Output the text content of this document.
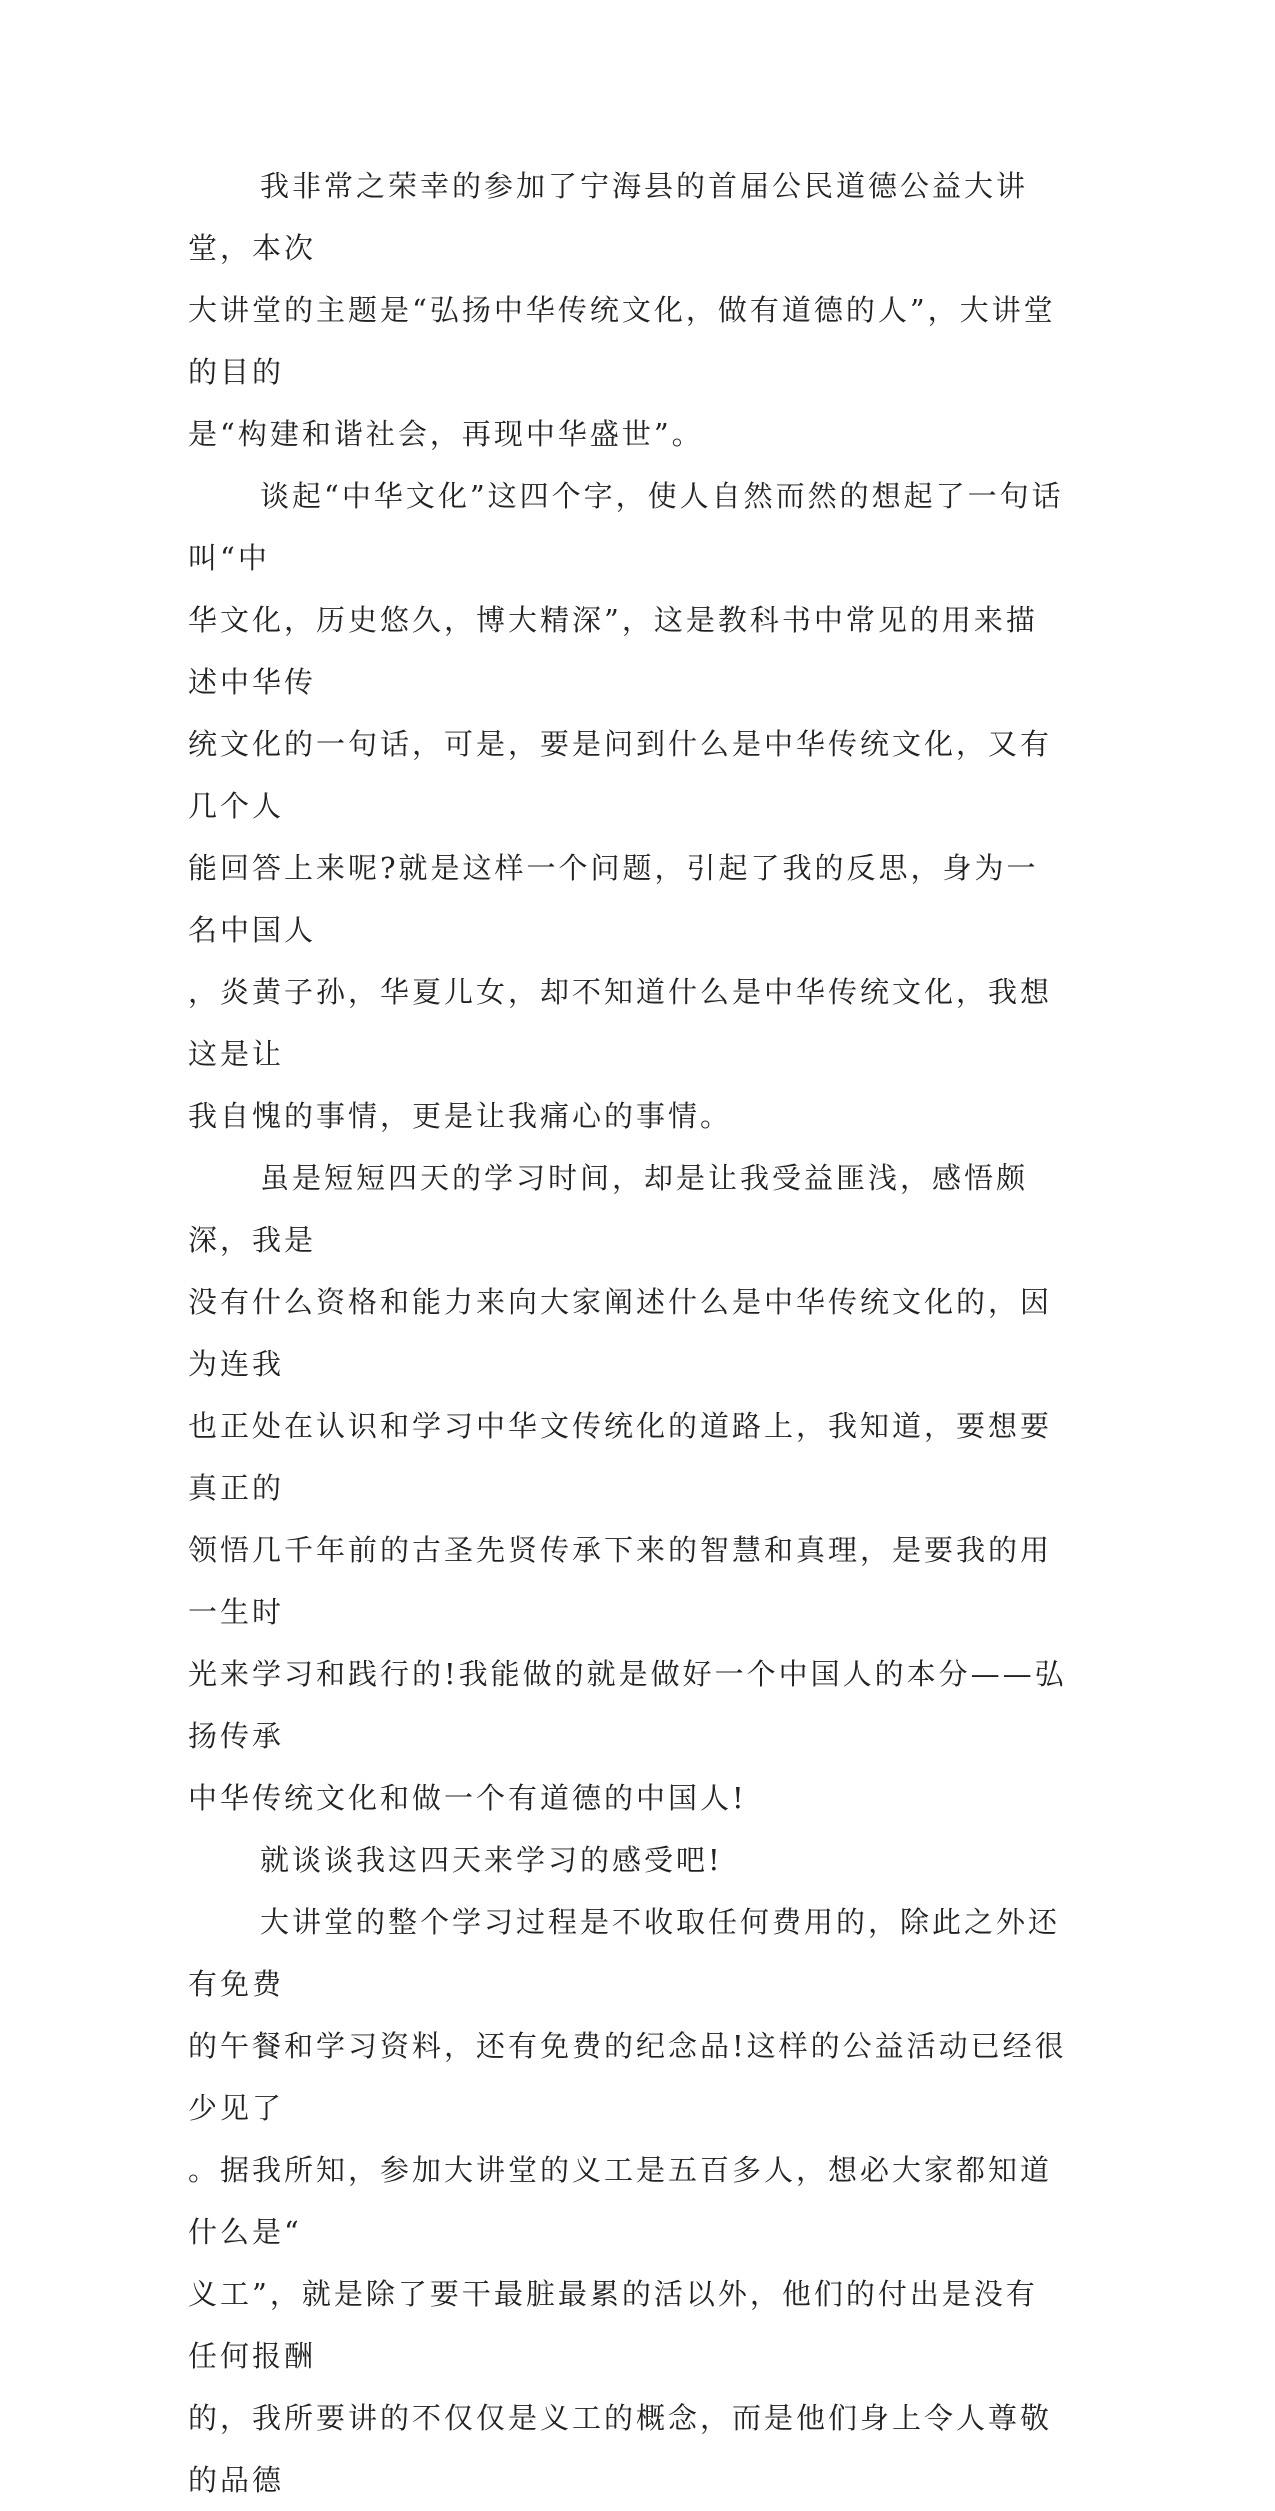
我非常之荣幸的参加了宁海县的首届公民道德公益大讲堂，本次
大讲堂的主题是“弘扬中华传统文化，做有道德的人”，大讲堂的目的
是“构建和谐社会，再现中华盛世”。

谈起“中华文化”这四个字，使人自然而然的想起了一句话叫“中
华文化，历史悠久，博大精深”，这是教科书中常见的用来描述中华传
统文化的一句话，可是，要是问到什么是中华传统文化，又有几个人
能回答上来呢?就是这样一个问题，引起了我的反思，身为一名中国人
，炎黄子孙，华夏儿女，却不知道什么是中华传统文化，我想这是让
我自愧的事情，更是让我痛心的事情。

虽是短短四天的学习时间，却是让我受益匪浅，感悟颇深，我是
没有什么资格和能力来向大家阐述什么是中华传统文化的，因为连我
也正处在认识和学习中华文传统化的道路上，我知道，要想要真正的
领悟几千年前的古圣先贤传承下来的智慧和真理，是要我的用一生时
光来学习和践行的!我能做的就是做好一个中国人的本分——弘扬传承
中华传统文化和做一个有道德的中国人!

就谈谈我这四天来学习的感受吧!

大讲堂的整个学习过程是不收取任何费用的，除此之外还有免费
的午餐和学习资料，还有免费的纪念品!这样的公益活动已经很少见了
。据我所知，参加大讲堂的义工是五百多人，想必大家都知道什么是“
义工”，就是除了要干最脏最累的活以外，他们的付出是没有任何报酬
的，我所要讲的不仅仅是义工的概念，而是他们身上令人尊敬的品德
